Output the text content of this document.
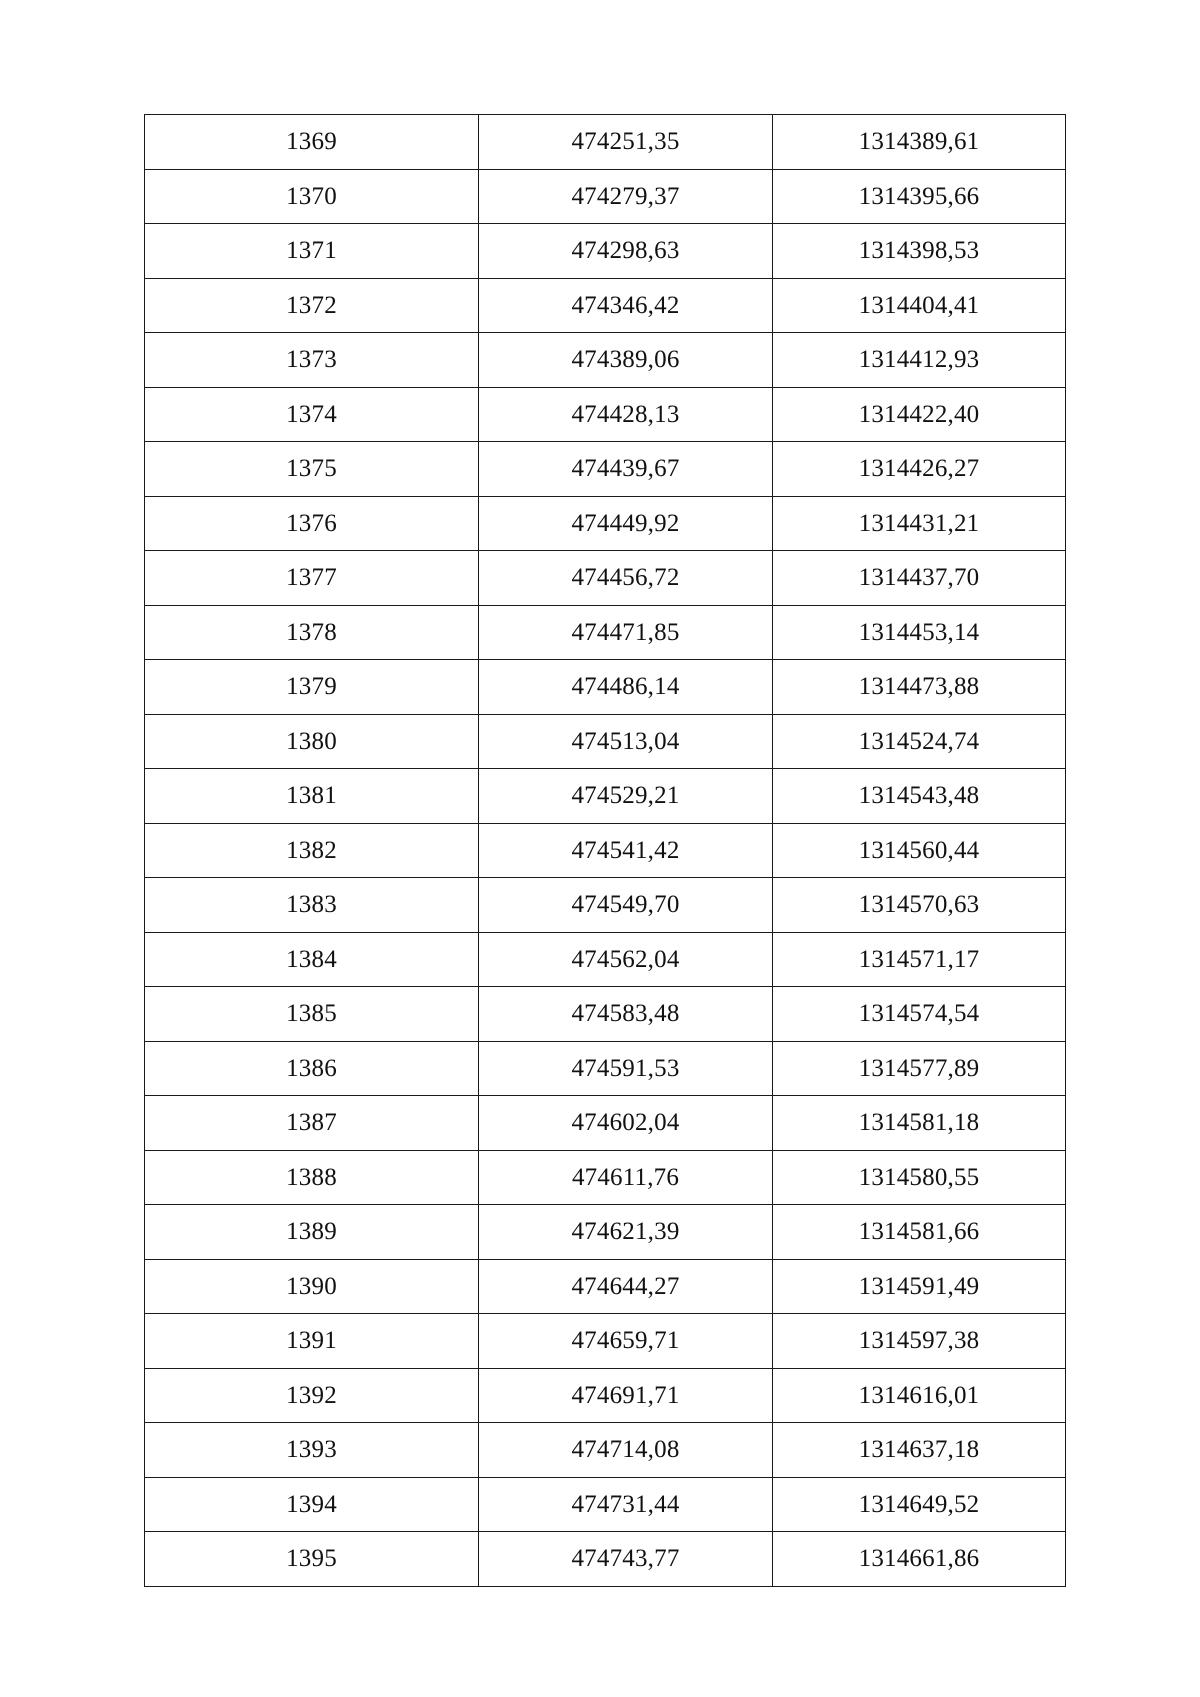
1369	474251,35	1314389,61
1370	474279,37	1314395,66
1371	474298,63	1314398,53
1372	474346,42	1314404,41
1373	474389,06	1314412,93
1374	474428,13	1314422,40
1375	474439,67	1314426,27
1376	474449,92	1314431,21
1377	474456,72	1314437,70
1378	474471,85	1314453,14
1379	474486,14	1314473,88
1380	474513,04	1314524,74
1381	474529,21	1314543,48
1382	474541,42	1314560,44
1383	474549,70	1314570,63
1384	474562,04	1314571,17
1385	474583,48	1314574,54
1386	474591,53	1314577,89
1387	474602,04	1314581,18
1388	474611,76	1314580,55
1389	474621,39	1314581,66
1390	474644,27	1314591,49
1391	474659,71	1314597,38
1392	474691,71	1314616,01
1393	474714,08	1314637,18
1394	474731,44	1314649,52
1395	474743,77	1314661,86
